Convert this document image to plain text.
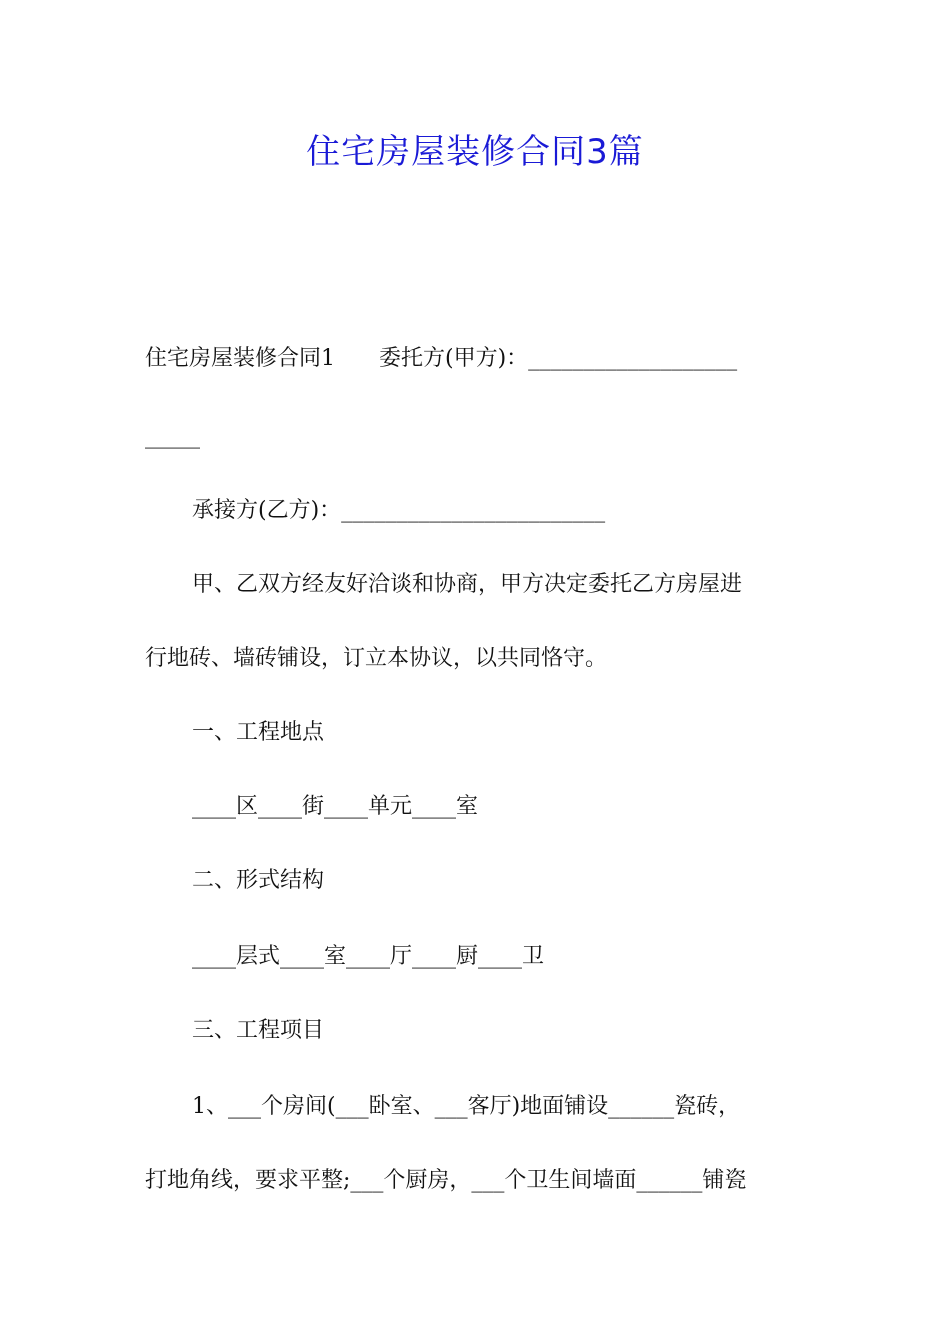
住宅房屋装修合同3篇
住宅房屋装修合同1　　委托方(甲方)：___________________
_____
承接方(乙方)：________________________
甲、乙双方经友好洽谈和协商，甲方决定委托乙方房屋进
行地砖、墙砖铺设，订立本协议，以共同恪守。
一、工程地点
____区____街____单元____室
二、形式结构
____层式____室____厅____厨____卫
三、工程项目
1、___个房间(___卧室、___客厅)地面铺设______瓷砖，
打地角线，要求平整;___个厨房，___个卫生间墙面______铺瓷
